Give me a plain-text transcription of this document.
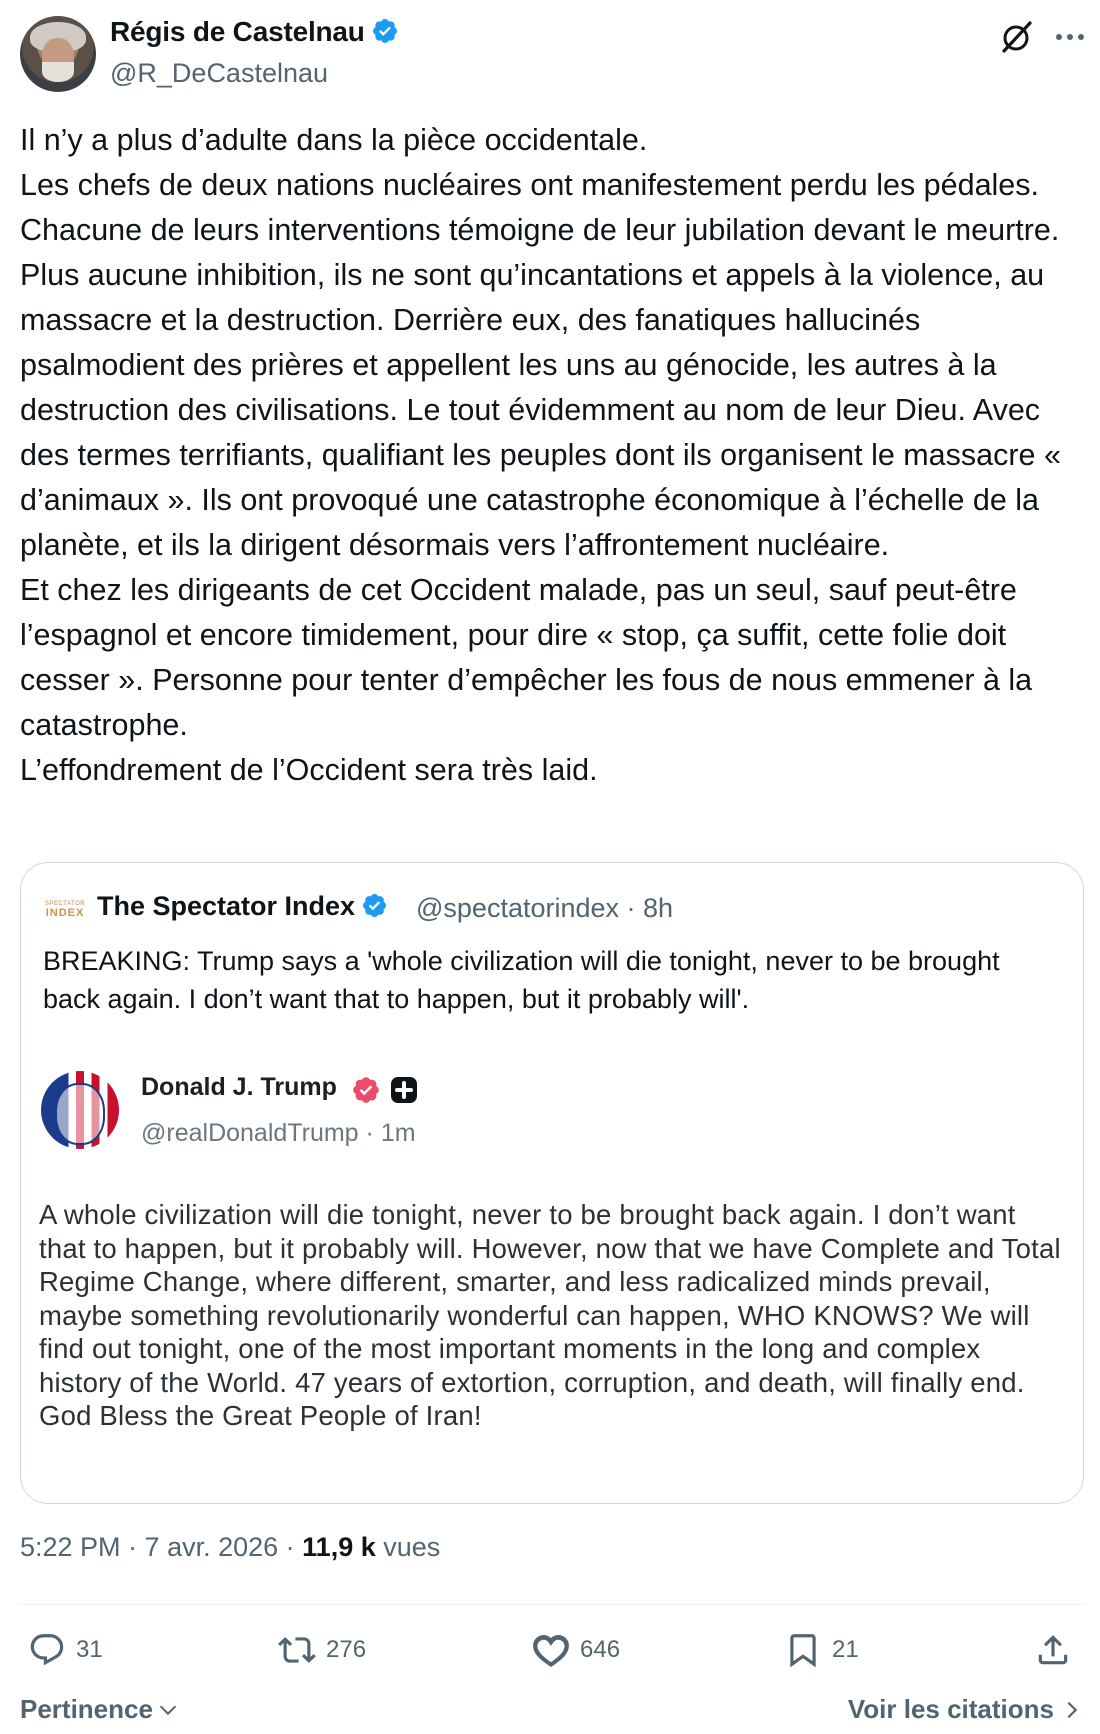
Régis de Castelnau
@R_DeCastelnau
Il n’y a plus d’adulte dans la pièce occidentale.
Les chefs de deux nations nucléaires ont manifestement perdu les pédales. Chacune de leurs interventions témoigne de leur jubilation devant le meurtre. Plus aucune inhibition, ils ne sont qu’incantations et appels à la violence, au massacre et la destruction. Derrière eux, des fanatiques hallucinés psalmodient des prières et appellent les uns au génocide, les autres à la destruction des civilisations. Le tout évidemment au nom de leur Dieu. Avec des termes terrifiants, qualifiant les peuples dont ils organisent le massacre « d’animaux ». Ils ont provoqué une catastrophe économique à l’échelle de la planète, et ils la dirigent désormais vers l’affrontement nucléaire.
Et chez les dirigeants de cet Occident malade, pas un seul, sauf peut-être l’espagnol et encore timidement, pour dire « stop, ça suffit, cette folie doit cesser ». Personne pour tenter d’empêcher les fous de nous emmener à la catastrophe.
L’effondrement de l’Occident sera très laid.
SPECTATOR
INDEX The Spectator Index	@spectatorindex · 8h
BREAKING: Trump says a 'whole civilization will die tonight, never to be brought back again. I don’t want that to happen, but it probably will'.
Donald J. Trump
@realDonaldTrump · 1m
A whole civilization will die tonight, never to be brought back again. I don’t want that to happen, but it probably will. However, now that we have Complete and Total Regime Change, where different, smarter, and less radicalized minds prevail, maybe something revolutionarily wonderful can happen, WHO KNOWS? We will find out tonight, one of the most important moments in the long and complex history of the World. 47 years of extortion, corruption, and death, will finally end. God Bless the Great People of Iran!
5:22 PM · 7 avr. 2026 · 11,9 k vues
31	276	646	21
Pertinence	Voir les citations
